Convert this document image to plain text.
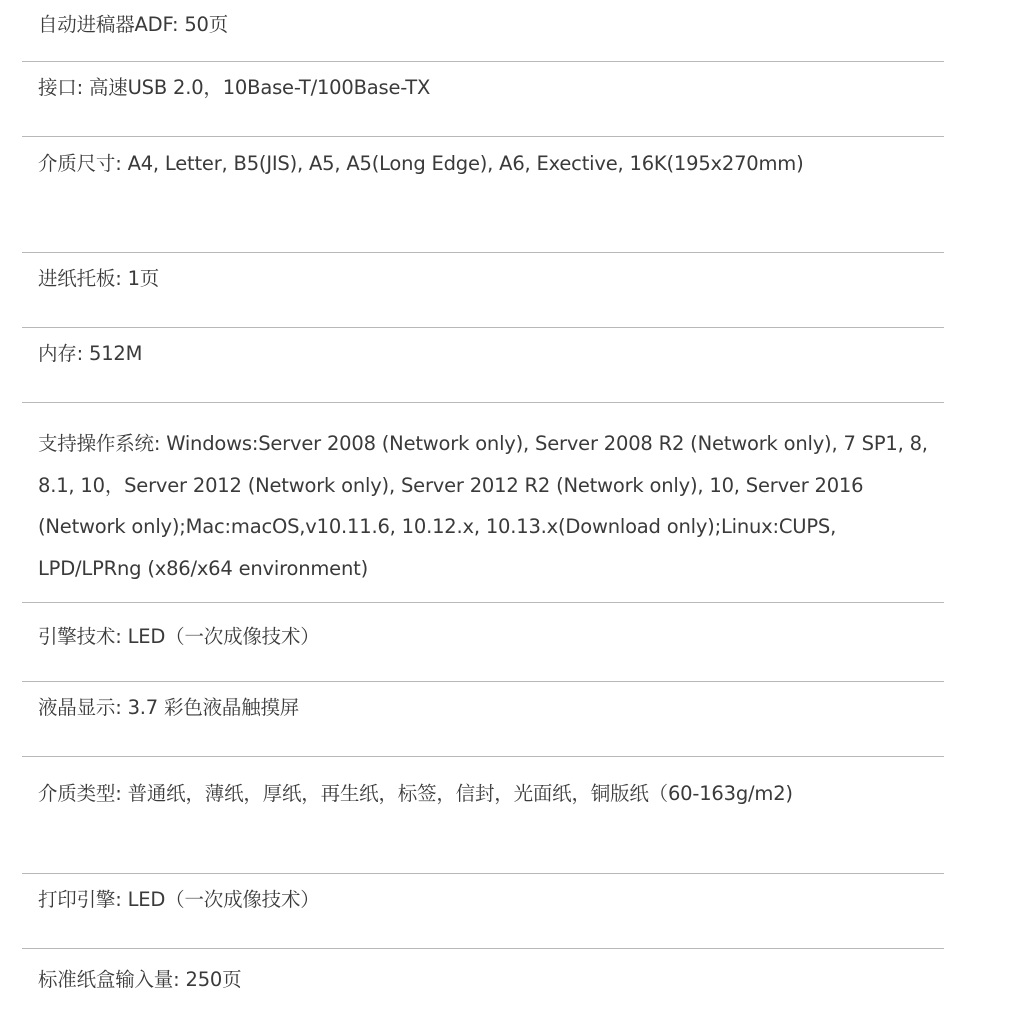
自动进稿器ADF: 50页
接口: 高速USB 2.0，10Base-T/100Base-TX
介质尺寸: A4, Letter, B5(JIS), A5, A5(Long Edge), A6, Exective, 16K(195x270mm)
进纸托板: 1页
内存: 512M
支持操作系统: Windows:Server 2008 (Network only), Server 2008 R2 (Network only), 7 SP1, 8, 8.1, 10，Server 2012 (Network only), Server 2012 R2 (Network only), 10, Server 2016 (Network only);Mac:macOS,v10.11.6, 10.12.x, 10.13.x(Download only);Linux:CUPS, LPD/LPRng (x86/x64 environment)
引擎技术: LED（一次成像技术）
液晶显示: 3.7 彩色液晶触摸屏
介质类型: 普通纸，薄纸，厚纸，再生纸，标签，信封，光面纸，铜版纸（60-163g/m2)
打印引擎: LED（一次成像技术）
标准纸盒输入量: 250页
